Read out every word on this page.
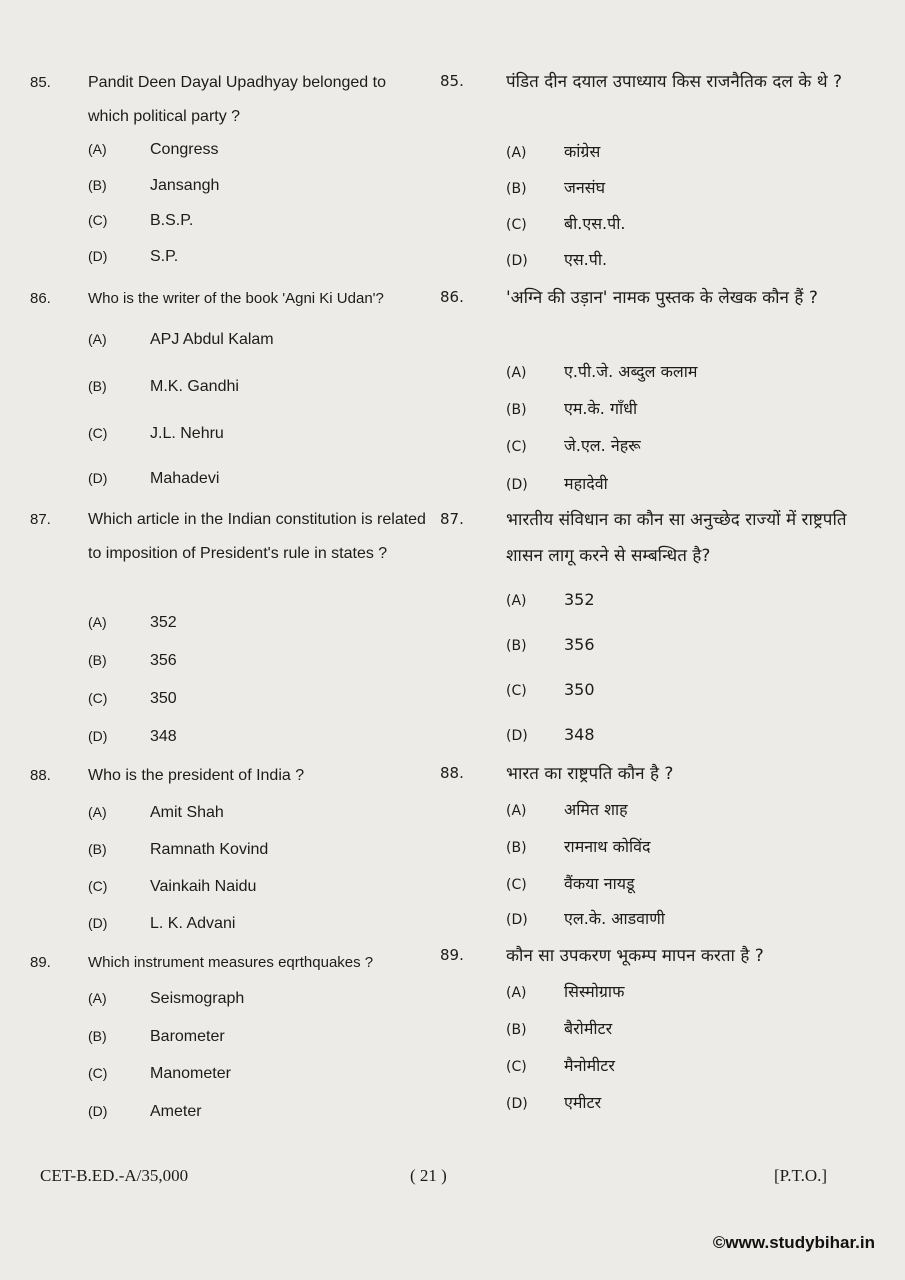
85. Pandit Deen Dayal Upadhyay belonged to which political party ?
(A)	Congress
(B)	Jansangh
(C)	B.S.P.
(D)	S.P.
86. Who is the writer of the book 'Agni Ki Udan'?
(A)	APJ Abdul Kalam
(B)	M.K. Gandhi
(C)	J.L. Nehru
(D)	Mahadevi
87. Which article in the Indian constitution is related to imposition of President's rule in states ?
(A)	352
(B)	356
(C)	350
(D)	348
88. Who is the president of India ?
(A)	Amit Shah
(B)	Ramnath Kovind
(C)	Vainkaih Naidu
(D)	L. K. Advani
89. Which instrument measures eqrthquakes ?
(A)	Seismograph
(B)	Barometer
(C)	Manometer
(D)	Ameter
85. पंडित दीन दयाल उपाध्याय किस राजनैतिक दल के थे ?
(A) कांग्रेस
(B) जनसंघ
(C) बी.एस.पी.
(D) एस.पी.
86. 'अग्नि की उड़ान' नामक पुस्तक के लेखक कौन हैं ?
(A) ए.पी.जे. अब्दुल कलाम
(B) एम.के. गाँधी
(C) जे.एल. नेहरू
(D) महादेवी
87. भारतीय संविधान का कौन सा अनुच्छेद राज्यों में राष्ट्रपति शासन लागू करने से सम्बन्धित है?
(A) 352
(B) 356
(C) 350
(D) 348
88. भारत का राष्ट्रपति कौन है ?
(A) अमित शाह
(B) रामनाथ कोविंद
(C) वैंकया नायडू
(D) एल.के. आडवाणी
89. कौन सा उपकरण भूकम्प मापन करता है ?
(A) सिस्मोग्राफ
(B) बैरोमीटर
(C) मैनोमीटर
(D) एमीटर
CET-B.ED.-A/35,000	( 21 )	[P.T.O.]
©www.studybihar.in
